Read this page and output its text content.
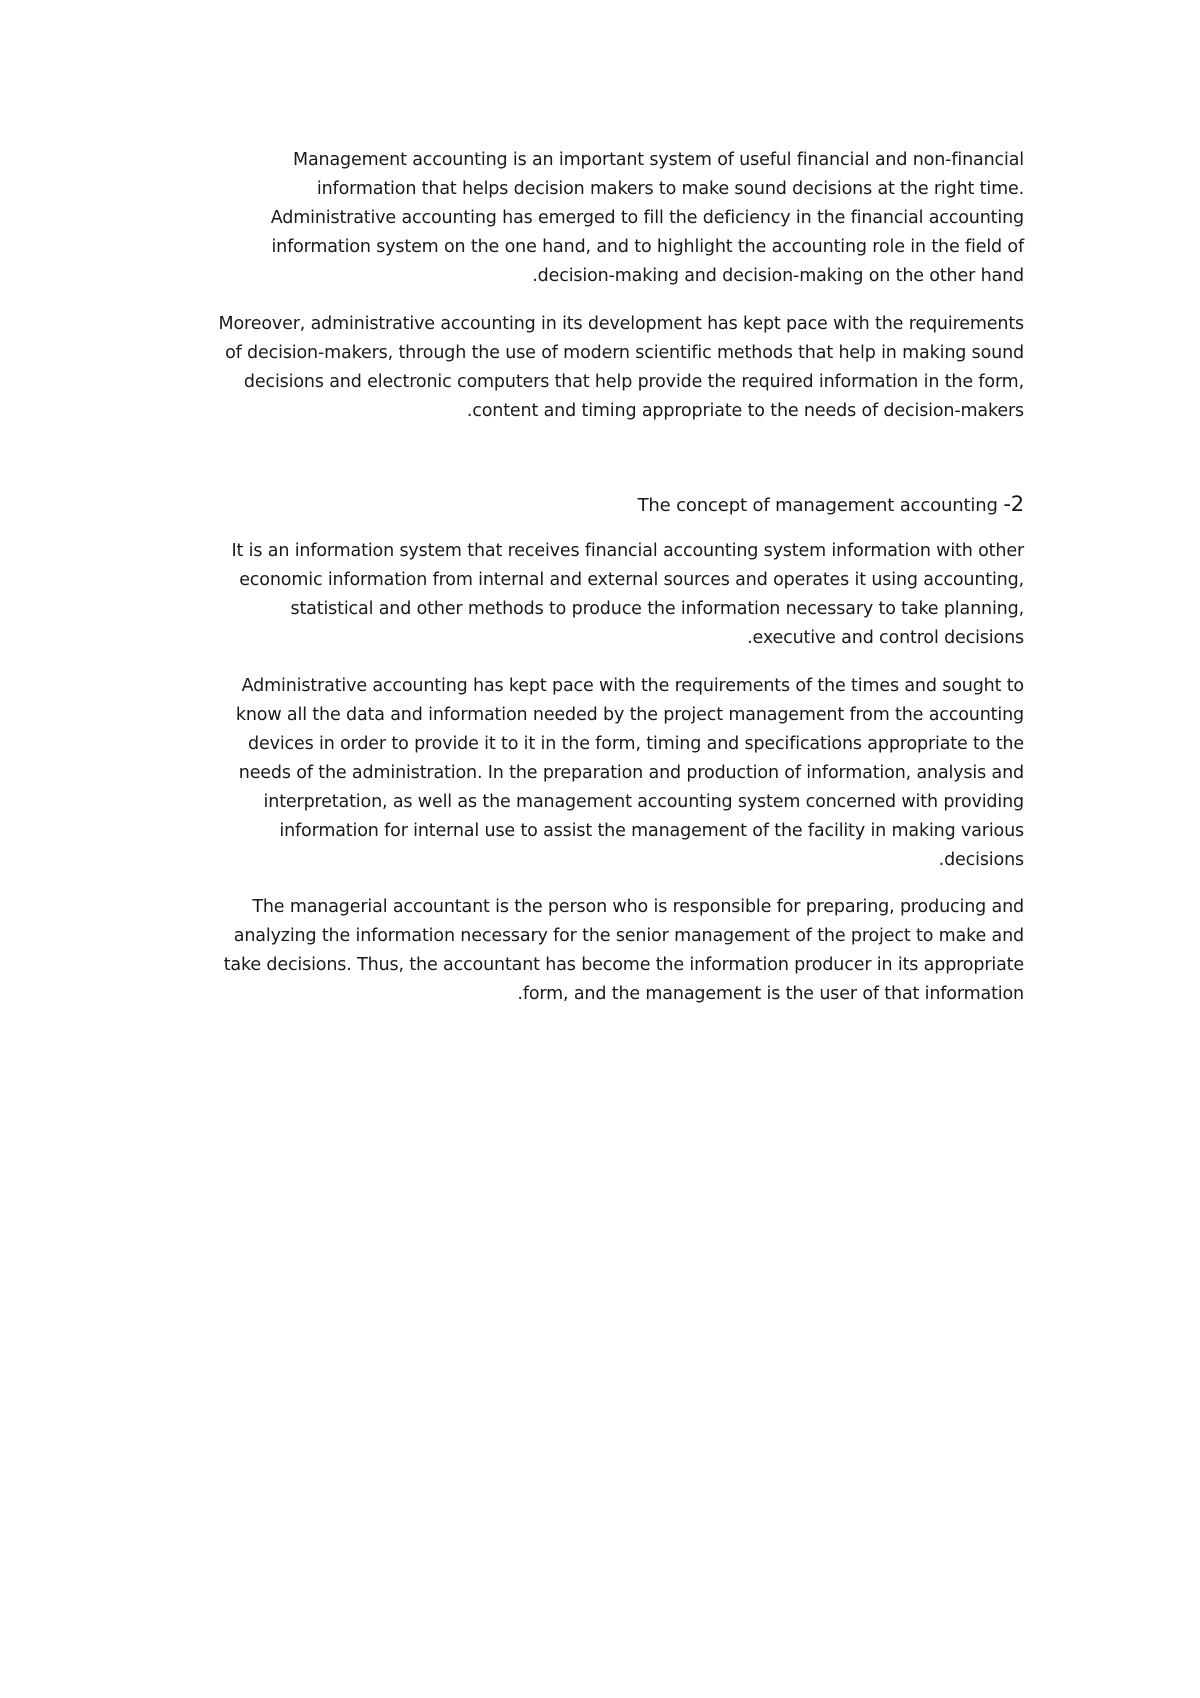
Management accounting is an important system of useful financial and non-financial
information that helps decision makers to make sound decisions at the right time.
Administrative accounting has emerged to fill the deficiency in the financial accounting
information system on the one hand, and to highlight the accounting role in the field of
.decision-making and decision-making on the other hand
Moreover, administrative accounting in its development has kept pace with the requirements
of decision-makers, through the use of modern scientific methods that help in making sound
decisions and electronic computers that help provide the required information in the form,
.content and timing appropriate to the needs of decision-makers
The concept of management accounting -2
It is an information system that receives financial accounting system information with other
economic information from internal and external sources and operates it using accounting,
statistical and other methods to produce the information necessary to take planning,
.executive and control decisions
Administrative accounting has kept pace with the requirements of the times and sought to
know all the data and information needed by the project management from the accounting
devices in order to provide it to it in the form, timing and specifications appropriate to the
needs of the administration. In the preparation and production of information, analysis and
interpretation, as well as the management accounting system concerned with providing
information for internal use to assist the management of the facility in making various
.decisions
The managerial accountant is the person who is responsible for preparing, producing and
analyzing the information necessary for the senior management of the project to make and
take decisions. Thus, the accountant has become the information producer in its appropriate
.form, and the management is the user of that information
